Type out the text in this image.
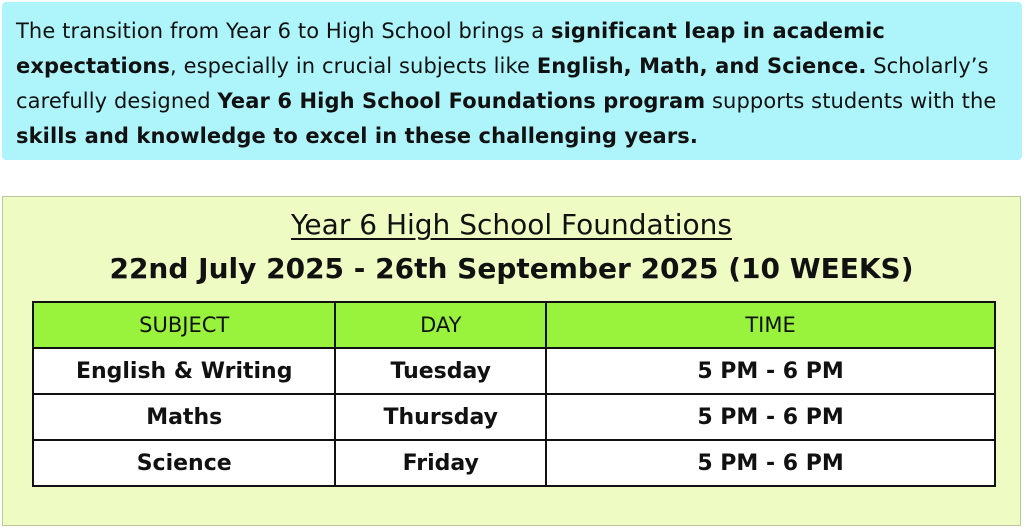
The transition from Year 6 to High School brings a significant leap in academic expectations, especially in crucial subjects like English, Math, and Science. Scholarly’s carefully designed Year 6 High School Foundations program supports students with the skills and knowledge to excel in these challenging years.
Year 6 High School Foundations
22nd July 2025 - 26th September 2025 (10 WEEKS)
SUBJECT	DAY	TIME
English & Writing	Tuesday	5 PM - 6 PM
Maths	Thursday	5 PM - 6 PM
Science	Friday	5 PM - 6 PM
